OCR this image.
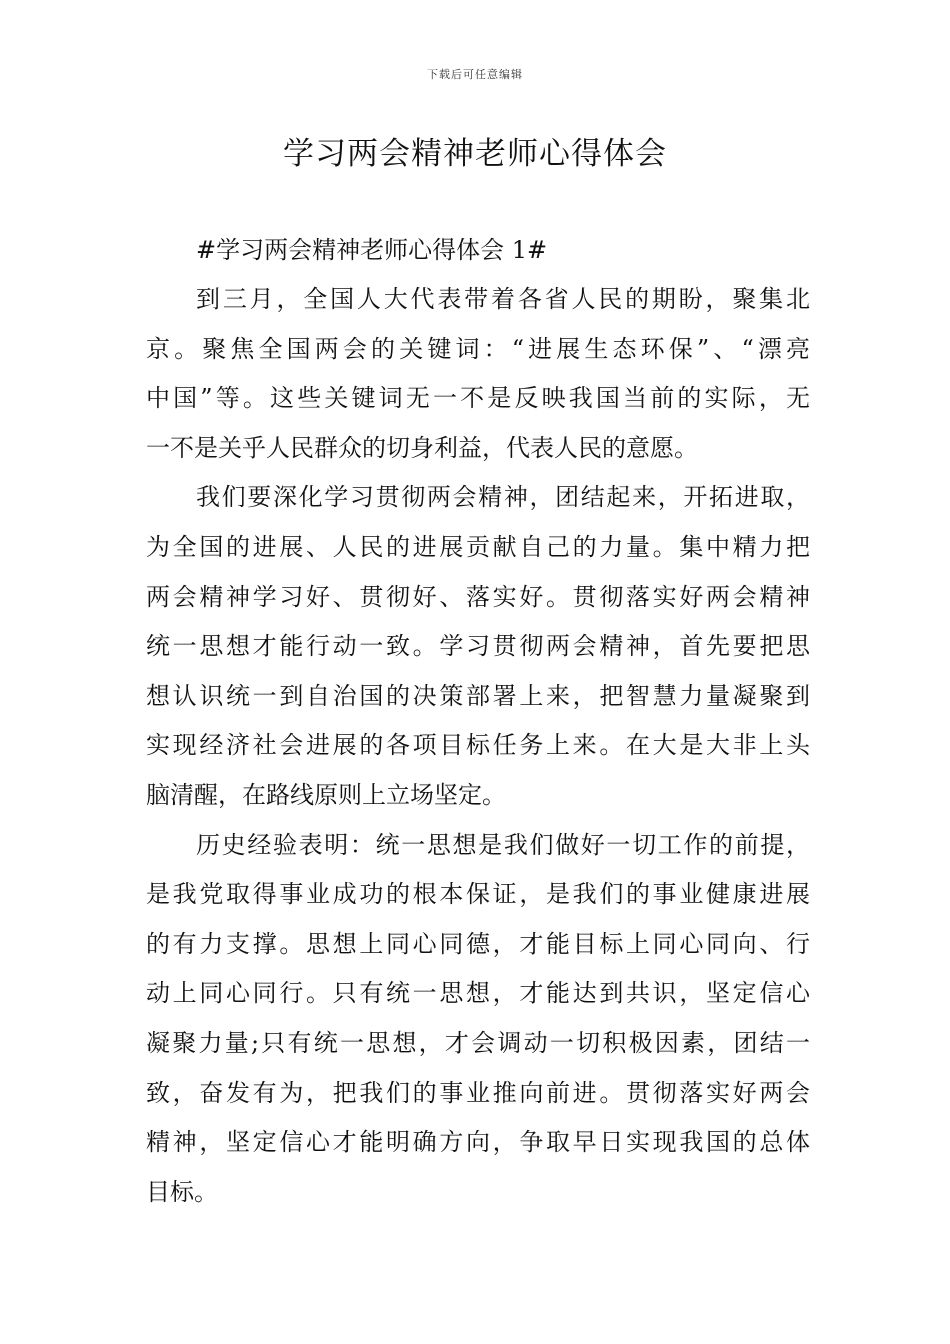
下载后可任意编辑
学习两会精神老师心得体会

#学习两会精神老师心得体会 1#

到三月，全国人大代表带着各省人民的期盼，聚集北
京。聚焦全国两会的关键词：“进展生态环保”、“漂亮
中国”等。这些关键词无一不是反映我国当前的实际，无
一不是关乎人民群众的切身利益，代表人民的意愿。
我们要深化学习贯彻两会精神，团结起来，开拓进取，
为全国的进展、人民的进展贡献自己的力量。集中精力把
两会精神学习好、贯彻好、落实好。贯彻落实好两会精神
统一思想才能行动一致。学习贯彻两会精神，首先要把思
想认识统一到自治国的决策部署上来，把智慧力量凝聚到
实现经济社会进展的各项目标任务上来。在大是大非上头
脑清醒，在路线原则上立场坚定。
历史经验表明：统一思想是我们做好一切工作的前提，
是我党取得事业成功的根本保证，是我们的事业健康进展
的有力支撑。思想上同心同德，才能目标上同心同向、行
动上同心同行。只有统一思想，才能达到共识，坚定信心
凝聚力量;只有统一思想，才会调动一切积极因素，团结一
致，奋发有为，把我们的事业推向前进。贯彻落实好两会
精神，坚定信心才能明确方向，争取早日实现我国的总体
目标。
